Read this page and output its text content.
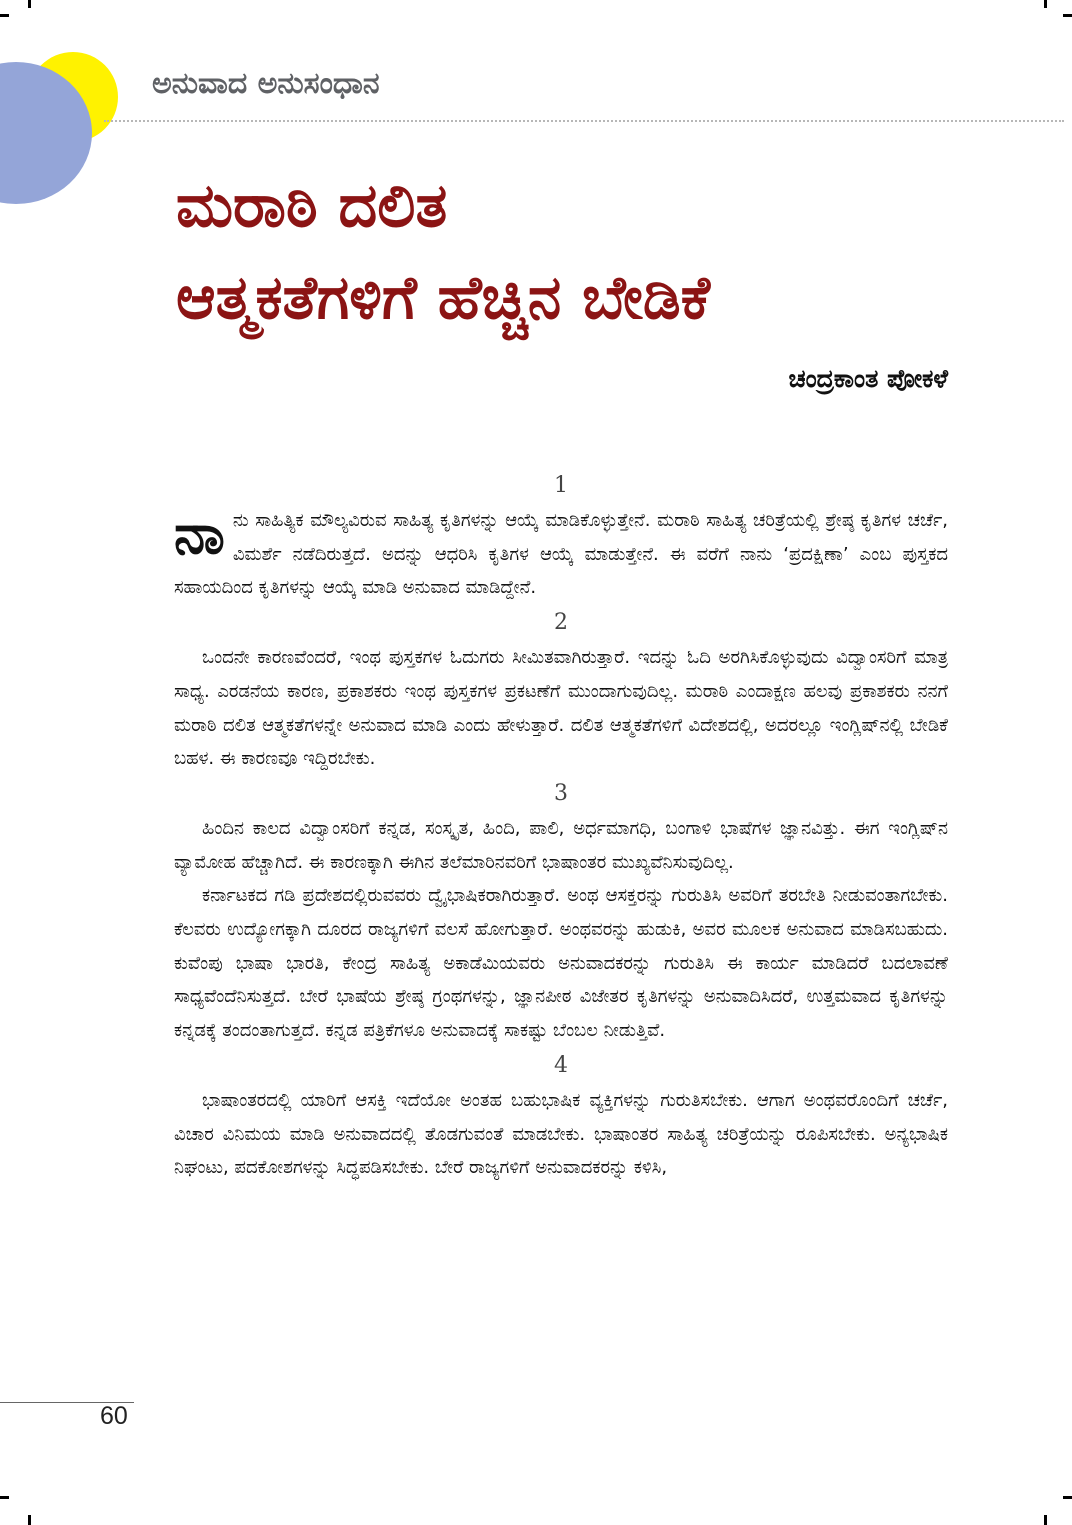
ಅನುವಾದ ಅನುಸಂಧಾನ
ಮರಾಠಿ ದಲಿತ
ಆತ್ಮಕತೆಗಳಿಗೆ ಹೆಚ್ಚಿನ ಬೇಡಿಕೆ

ಚಂದ್ರಕಾಂತ ಪೋಕಳೆ

1

ನಾನು ಸಾಹಿತ್ಯಿಕ ಮೌಲ್ಯವಿರುವ ಸಾಹಿತ್ಯ ಕೃತಿಗಳನ್ನು ಆಯ್ಕೆ ಮಾಡಿಕೊಳ್ಳುತ್ತೇನೆ. ಮರಾಠಿ ಸಾಹಿತ್ಯ ಚರಿತ್ರೆಯಲ್ಲಿ ಶ್ರೇಷ್ಠ ಕೃತಿಗಳ ಚರ್ಚೆ, ವಿಮರ್ಶೆ ನಡೆದಿರುತ್ತದೆ. ಅದನ್ನು ಆಧರಿಸಿ ಕೃತಿಗಳ ಆಯ್ಕೆ ಮಾಡುತ್ತೇನೆ. ಈ ವರೆಗೆ ನಾನು ‘ಪ್ರದಕ್ಷಿಣಾ’ ಎಂಬ ಪುಸ್ತಕದ ಸಹಾಯದಿಂದ ಕೃತಿಗಳನ್ನು ಆಯ್ಕೆ ಮಾಡಿ ಅನುವಾದ ಮಾಡಿದ್ದೇನೆ.

2

ಒಂದನೇ ಕಾರಣವೆಂದರೆ, ಇಂಥ ಪುಸ್ತಕಗಳ ಓದುಗರು ಸೀಮಿತವಾಗಿರುತ್ತಾರೆ. ಇದನ್ನು ಓದಿ ಅರಗಿಸಿಕೊಳ್ಳುವುದು ವಿದ್ವಾಂಸರಿಗೆ ಮಾತ್ರ ಸಾಧ್ಯ. ಎರಡನೆಯ ಕಾರಣ, ಪ್ರಕಾಶಕರು ಇಂಥ ಪುಸ್ತಕಗಳ ಪ್ರಕಟಣೆಗೆ ಮುಂದಾಗುವುದಿಲ್ಲ. ಮರಾಠಿ ಎಂದಾಕ್ಷಣ ಹಲವು ಪ್ರಕಾಶಕರು ನನಗೆ ಮರಾಠಿ ದಲಿತ ಆತ್ಮಕತೆಗಳನ್ನೇ ಅನುವಾದ ಮಾಡಿ ಎಂದು ಹೇಳುತ್ತಾರೆ. ದಲಿತ ಆತ್ಮಕತೆಗಳಿಗೆ ವಿದೇಶದಲ್ಲಿ, ಅದರಲ್ಲೂ ಇಂಗ್ಲಿಷ್‌ನಲ್ಲಿ ಬೇಡಿಕೆ ಬಹಳ. ಈ ಕಾರಣವೂ ಇದ್ದಿರಬೇಕು.

3

ಹಿಂದಿನ ಕಾಲದ ವಿದ್ವಾಂಸರಿಗೆ ಕನ್ನಡ, ಸಂಸ್ಕೃತ, ಹಿಂದಿ, ಪಾಲಿ, ಅರ್ಧಮಾಗಧಿ, ಬಂಗಾಳಿ ಭಾಷೆಗಳ ಜ್ಞಾನವಿತ್ತು. ಈಗ ಇಂಗ್ಲಿಷ್‌ನ ವ್ಯಾಮೋಹ ಹೆಚ್ಚಾಗಿದೆ. ಈ ಕಾರಣಕ್ಕಾಗಿ ಈಗಿನ ತಲೆಮಾರಿನವರಿಗೆ ಭಾಷಾಂತರ ಮುಖ್ಯವೆನಿಸುವುದಿಲ್ಲ.

ಕರ್ನಾಟಕದ ಗಡಿ ಪ್ರದೇಶದಲ್ಲಿರುವವರು ದ್ವೈಭಾಷಿಕರಾಗಿರುತ್ತಾರೆ. ಅಂಥ ಆಸಕ್ತರನ್ನು ಗುರುತಿಸಿ ಅವರಿಗೆ ತರಬೇತಿ ನೀಡುವಂತಾಗಬೇಕು. ಕೆಲವರು ಉದ್ಯೋಗಕ್ಕಾಗಿ ದೂರದ ರಾಜ್ಯಗಳಿಗೆ ವಲಸೆ ಹೋಗುತ್ತಾರೆ. ಅಂಥವರನ್ನು ಹುಡುಕಿ, ಅವರ ಮೂಲಕ ಅನುವಾದ ಮಾಡಿಸಬಹುದು. ಕುವೆಂಪು ಭಾಷಾ ಭಾರತಿ, ಕೇಂದ್ರ ಸಾಹಿತ್ಯ ಅಕಾಡೆಮಿಯವರು ಅನುವಾದಕರನ್ನು ಗುರುತಿಸಿ ಈ ಕಾರ್ಯ ಮಾಡಿದರೆ ಬದಲಾವಣೆ ಸಾಧ್ಯವೆಂದೆನಿಸುತ್ತದೆ. ಬೇರೆ ಭಾಷೆಯ ಶ್ರೇಷ್ಠ ಗ್ರಂಥಗಳನ್ನು, ಜ್ಞಾನಪೀಠ ವಿಜೇತರ ಕೃತಿಗಳನ್ನು ಅನುವಾದಿಸಿದರೆ, ಉತ್ತಮವಾದ ಕೃತಿಗಳನ್ನು ಕನ್ನಡಕ್ಕೆ ತಂದಂತಾಗುತ್ತದೆ. ಕನ್ನಡ ಪತ್ರಿಕೆಗಳೂ ಅನುವಾದಕ್ಕೆ ಸಾಕಷ್ಟು ಬೆಂಬಲ ನೀಡುತ್ತಿವೆ.

4

ಭಾಷಾಂತರದಲ್ಲಿ ಯಾರಿಗೆ ಆಸಕ್ತಿ ಇದೆಯೋ ಅಂತಹ ಬಹುಭಾಷಿಕ ವ್ಯಕ್ತಿಗಳನ್ನು ಗುರುತಿಸಬೇಕು. ಆಗಾಗ ಅಂಥವರೊಂದಿಗೆ ಚರ್ಚೆ, ವಿಚಾರ ವಿನಿಮಯ ಮಾಡಿ ಅನುವಾದದಲ್ಲಿ ತೊಡಗುವಂತೆ ಮಾಡಬೇಕು. ಭಾಷಾಂತರ ಸಾಹಿತ್ಯ ಚರಿತ್ರೆಯನ್ನು ರೂಪಿಸಬೇಕು. ಅನ್ಯಭಾಷಿಕ ನಿಘಂಟು, ಪದಕೋಶಗಳನ್ನು ಸಿದ್ಧಪಡಿಸಬೇಕು. ಬೇರೆ ರಾಜ್ಯಗಳಿಗೆ ಅನುವಾದಕರನ್ನು ಕಳಿಸಿ,

60
